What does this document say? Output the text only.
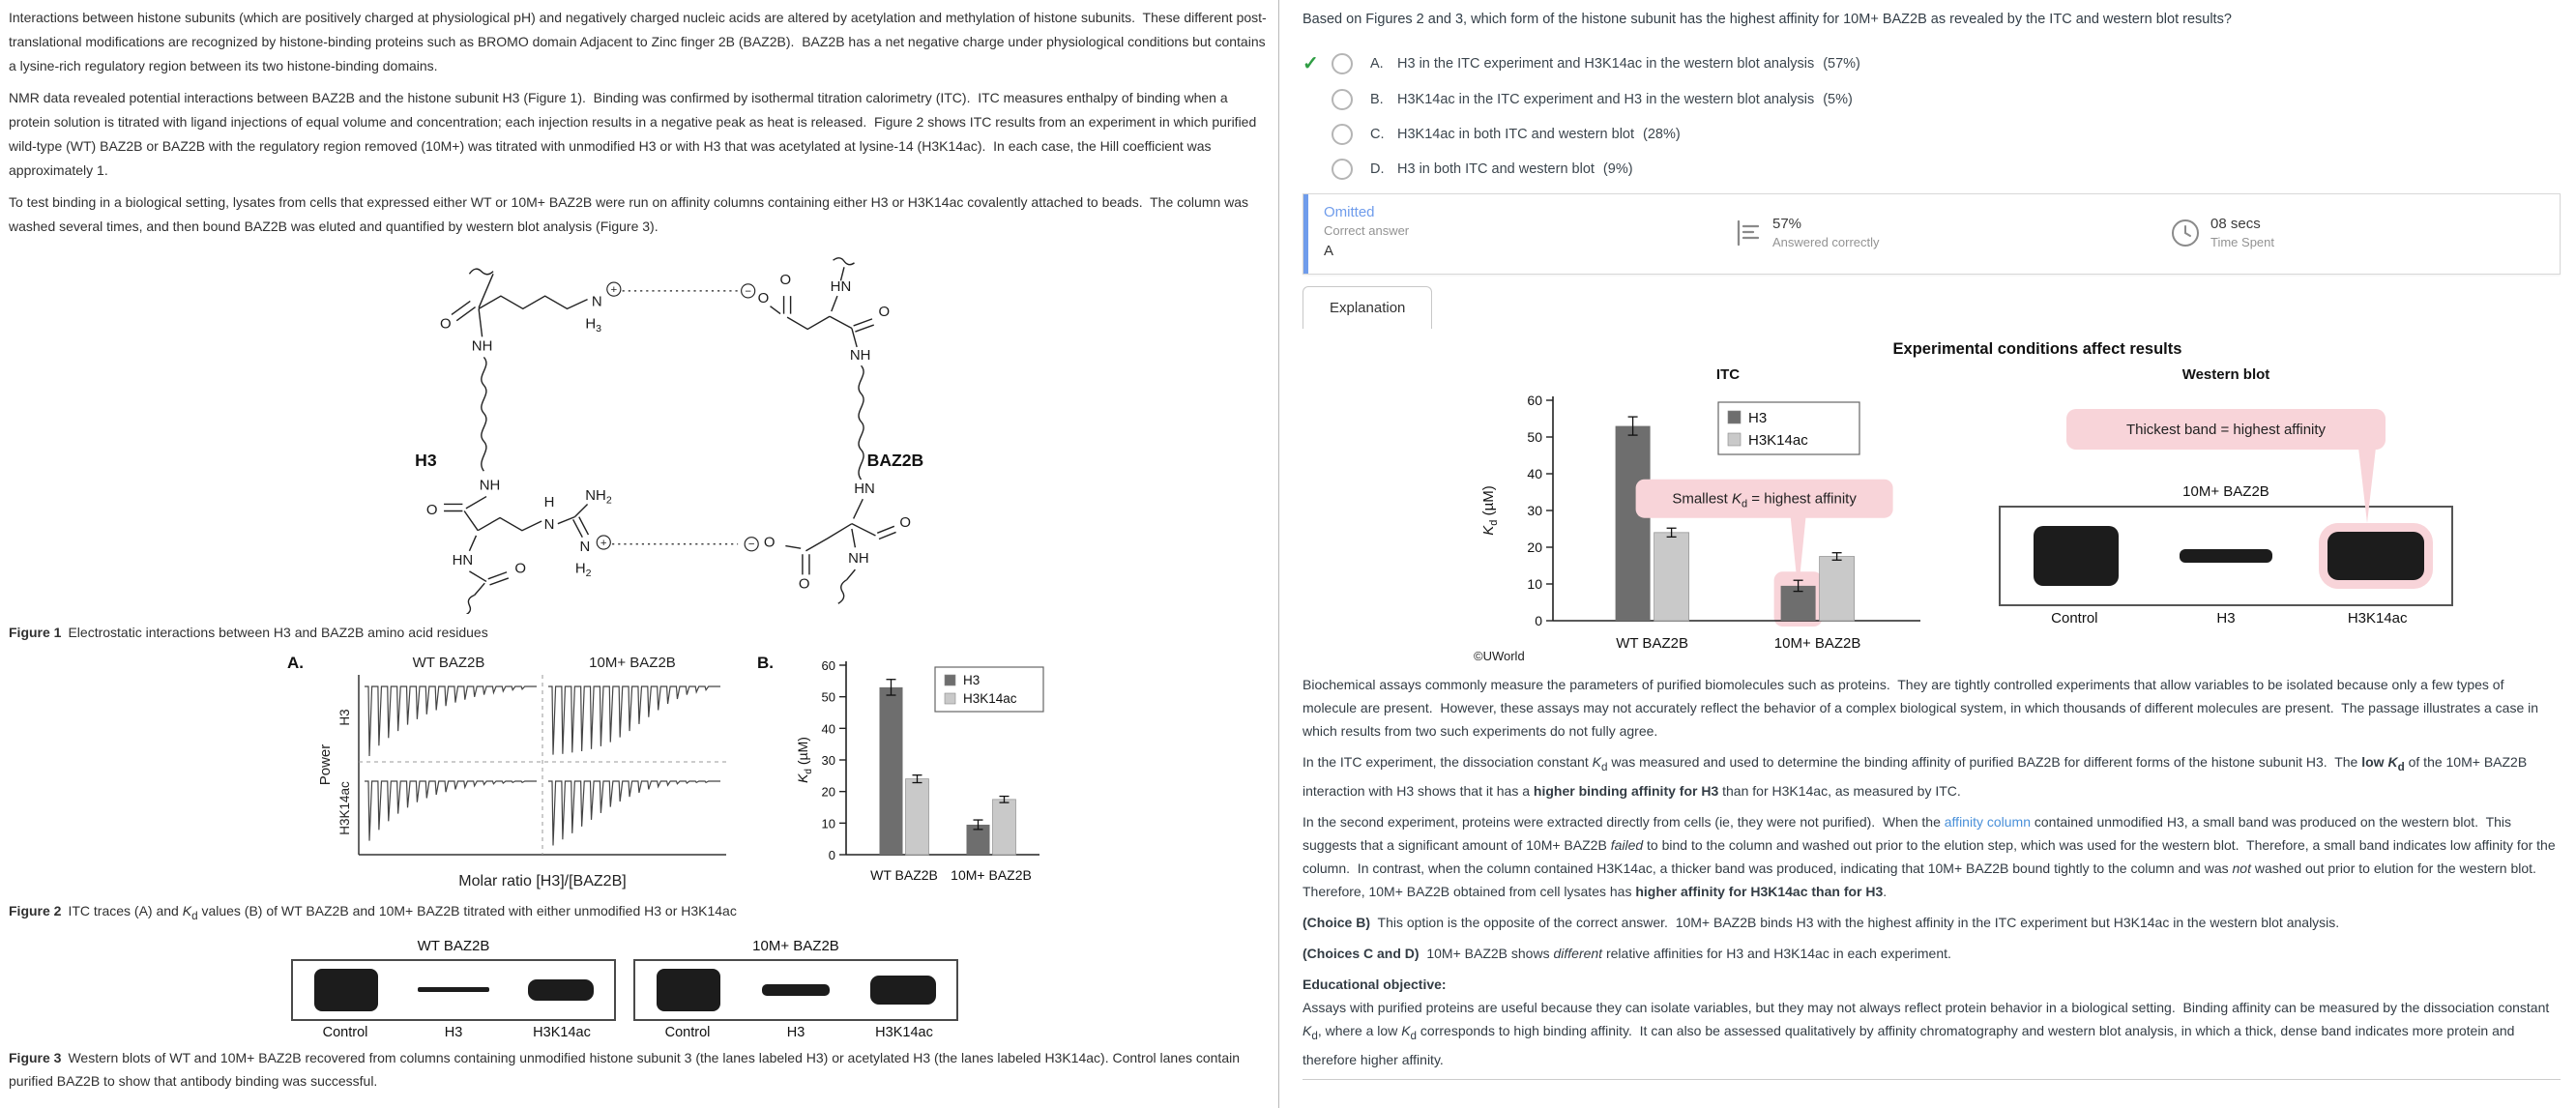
Interactions between histone subunits (which are positively charged at physiological pH) and negatively charged nucleic acids are altered by acetylation and methylation of histone subunits.  These different post-translational modifications are recognized by histone-binding proteins such as BROMO domain Adjacent to Zinc finger 2B (BAZ2B).  BAZ2B has a net negative charge under physiological conditions but contains a lysine-rich regulatory region between its two histone-binding domains.

NMR data revealed potential interactions between BAZ2B and the histone subunit H3 (Figure 1).  Binding was confirmed by isothermal titration calorimetry (ITC).  ITC measures enthalpy of binding when a protein solution is titrated with ligand injections of equal volume and concentration; each injection results in a negative peak as heat is released.  Figure 2 shows ITC results from an experiment in which purified wild-type (WT) BAZ2B or BAZ2B with the regulatory region removed (10M+) was titrated with unmodified H3 or with H3 that was acetylated at lysine-14 (H3K14ac).  In each case, the Hill coefficient was approximately 1.

To test binding in a biological setting, lysates from cells that expressed either WT or 10M+ BAZ2B were run on affinity columns containing either H3 or H3K14ac covalently attached to beads.  The column was washed several times, and then bound BAZ2B was eluted and quantified by western blot analysis (Figure 3).

H3	BAZ2B
O
N
+
$H_3$
NH
NH
O
HN
O
H
N
$NH_2$
N +
$H_2$
− O
O HN
O
NH
HN
− O
O
O
NH

Figure 1 Electrostatic interactions between H3 and BAZ2B amino acid residues

A.	WT BAZ2B	10M+ BAZ2B
Power
H3
H3K14ac
Molar ratio [H3]/[BAZ2B]
B.
0
10
20
30
40
50
60
$K_d$ (µM)
WT BAZ2B 10M+ BAZ2B
H3
H3K14ac

Figure 2 ITC traces (A) and $K_d$ values (B) of WT BAZ2B and 10M+ BAZ2B titrated with either unmodified H3 or H3K14ac

WT BAZ2B
Control	H3	H3K14ac
10M+ BAZ2B
Control	H3	H3K14ac

Figure 3 Western blots of WT and 10M+ BAZ2B recovered from columns containing unmodified histone subunit 3 (the lanes labeled H3) or acetylated H3 (the lanes labeled H3K14ac). Control lanes contain purified BAZ2B to show that antibody binding was successful.

Based on Figures 2 and 3, which form of the histone subunit has the highest affinity for 10M+ BAZ2B as revealed by the ITC and western blot results?

✓	A. H3 in the ITC experiment and H3K14ac in the western blot analysis (57%)
B. H3K14ac in the ITC experiment and H3 in the western blot analysis (5%)
C. H3K14ac in both ITC and western blot (28%)
D. H3 in both ITC and western blot (9%)
Omitted
Correct answer
A
57%
Answered correctly
08 secs
Time Spent
Explanation
Experimental conditions affect results
ITC
0
10
20
30
40
50
60
$K_d$ (µM)
WT BAZ2B	10M+ BAZ2B
H3
H3K14ac
Smallest $K_d$ = highest affinity
©UWorld
Western blot
Thickest band = highest affinity
10M+ BAZ2B
Control	H3	H3K14ac

Biochemical assays commonly measure the parameters of purified biomolecules such as proteins.  They are tightly controlled experiments that allow variables to be isolated because only a few types of molecule are present.  However, these assays may not accurately reflect the behavior of a complex biological system, in which thousands of different molecules are present.  The passage illustrates a case in which results from two such experiments do not fully agree.

In the ITC experiment, the dissociation constant $K_d$ was measured and used to determine the binding affinity of purified BAZ2B for different forms of the histone subunit H3.  The low $K_d$ of the 10M+ BAZ2B interaction with H3 shows that it has a higher binding affinity for H3 than for H3K14ac, as measured by ITC.

In the second experiment, proteins were extracted directly from cells (ie, they were not purified).  When the affinity column contained unmodified H3, a small band was produced on the western blot.  This suggests that a significant amount of 10M+ BAZ2B failed to bind to the column and washed out prior to the elution step, which was used for the western blot.  Therefore, a small band indicates low affinity for the column.  In contrast, when the column contained H3K14ac, a thicker band was produced, indicating that 10M+ BAZ2B bound tightly to the column and was not washed out prior to elution for the western blot.  Therefore, 10M+ BAZ2B obtained from cell lysates has higher affinity for H3K14ac than for H3.

(Choice B)  This option is the opposite of the correct answer.  10M+ BAZ2B binds H3 with the highest affinity in the ITC experiment but H3K14ac in the western blot analysis.

(Choices C and D)  10M+ BAZ2B shows different relative affinities for H3 and H3K14ac in each experiment.

Educational objective:

Assays with purified proteins are useful because they can isolate variables, but they may not always reflect protein behavior in a biological setting.  Binding affinity can be measured by the dissociation constant $K_d$, where a low $K_d$ corresponds to high binding affinity.  It can also be assessed qualitatively by affinity chromatography and western blot analysis, in which a thick, dense band indicates more protein and therefore higher affinity.
